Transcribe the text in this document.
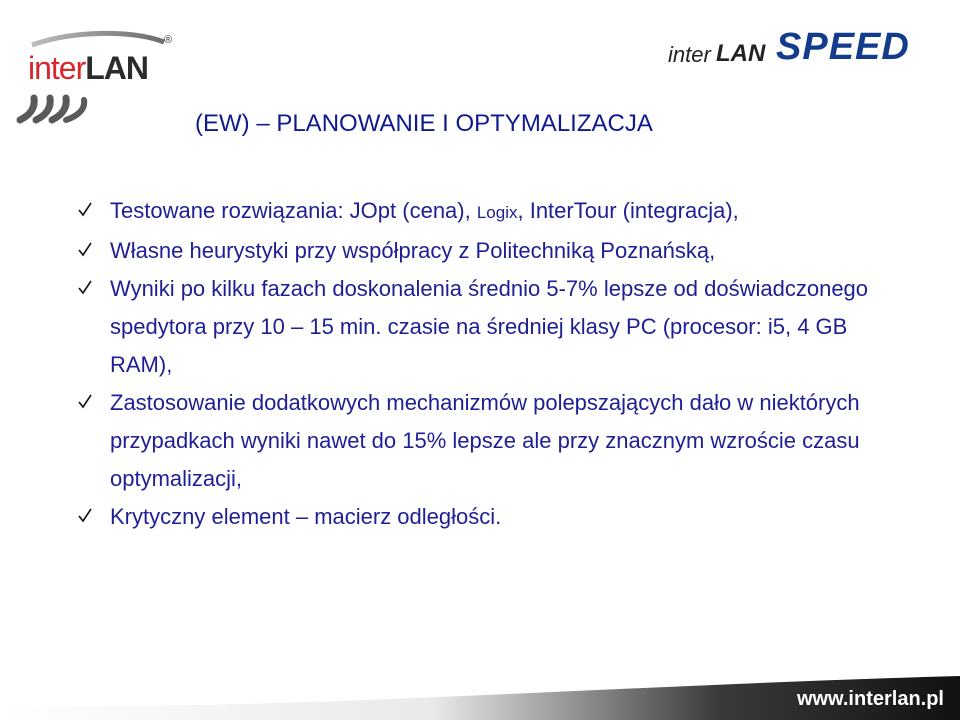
interLAN
®
inter LAN SPEED
(EW) – PLANOWANIE I OPTYMALIZACJA
Testowane rozwiązania: JOpt (cena), Logix, InterTour (integracja),
Własne heurystyki przy współpracy z Politechniką Poznańską,
Wyniki po kilku fazach doskonalenia średnio 5-7% lepsze od doświadczonego spedytora przy 10 – 15 min. czasie na średniej klasy PC (procesor: i5, 4 GB RAM),
Zastosowanie dodatkowych mechanizmów polepszających dało w niektórych przypadkach wyniki nawet do 15% lepsze ale przy znacznym wzroście czasu optymalizacji,
Krytyczny element – macierz odległości.
www.interlan.pl
